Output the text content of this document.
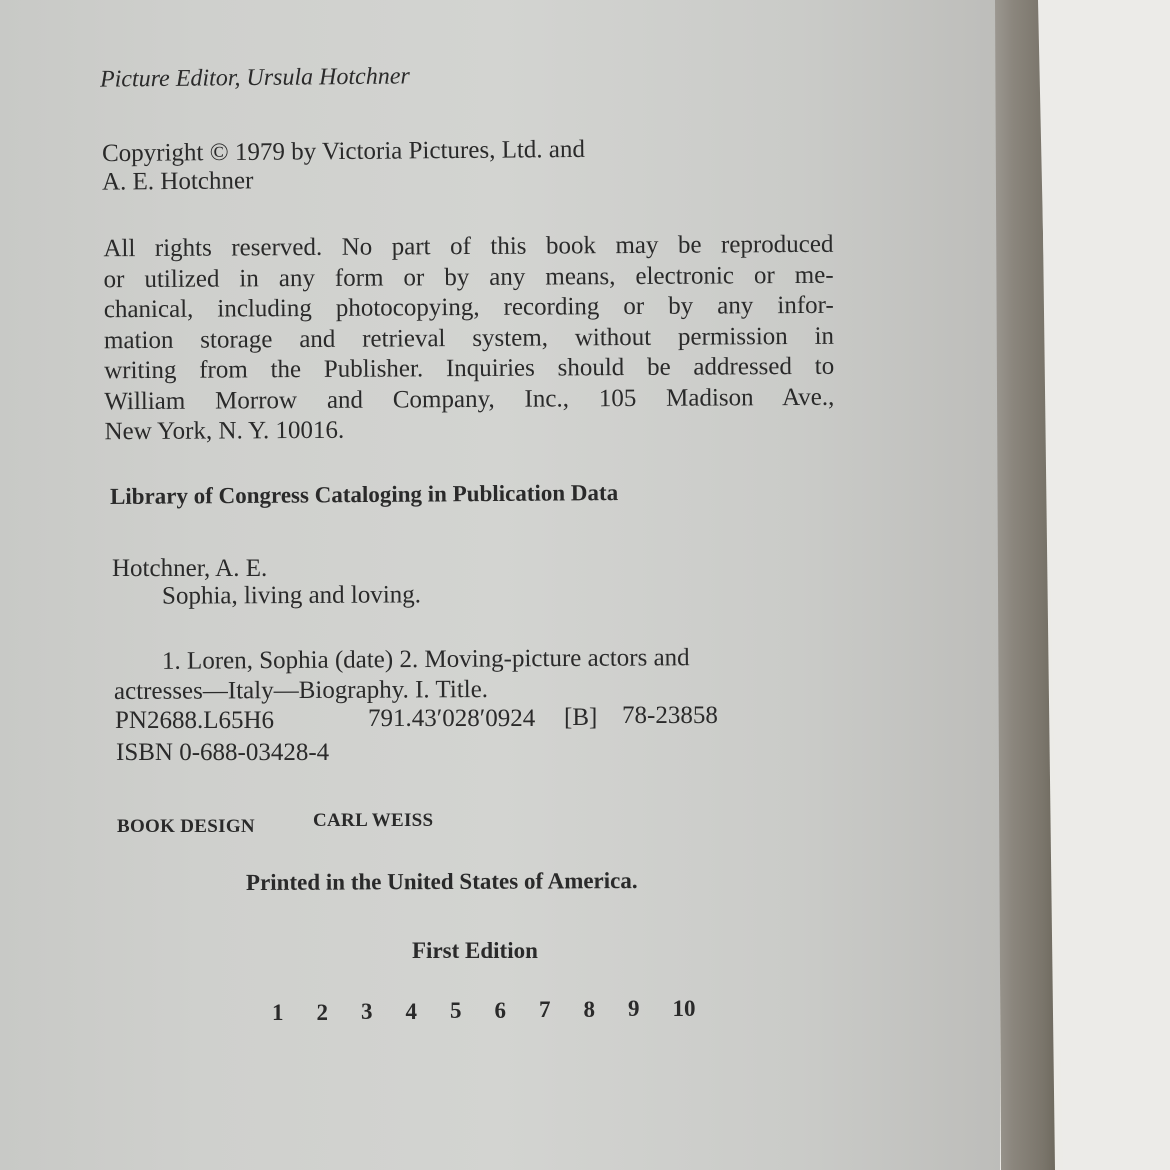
Picture Editor, Ursula Hotchner
Copyright © 1979 by Victoria Pictures, Ltd. and
A. E. Hotchner
All rights reserved. No part of this book may be reproduced
or utilized in any form or by any means, electronic or me-
chanical, including photocopying, recording or by any infor-
mation storage and retrieval system, without permission in
writing from the Publisher. Inquiries should be addressed to
William Morrow and Company, Inc., 105 Madison Ave.,
New York, N. Y. 10016.
Library of Congress Cataloging in Publication Data
Hotchner, A. E.
Sophia, living and loving.
1. Loren, Sophia (date) 2. Moving-picture actors and
actresses—Italy—Biography. I. Title.
PN2688.L65H6	791.43′028′0924 [B] 78-23858
ISBN 0-688-03428-4
BOOK DESIGN	CARL WEISS
Printed in the United States of America.
First Edition
1	2	3	4	5	6	7	8	9	10
